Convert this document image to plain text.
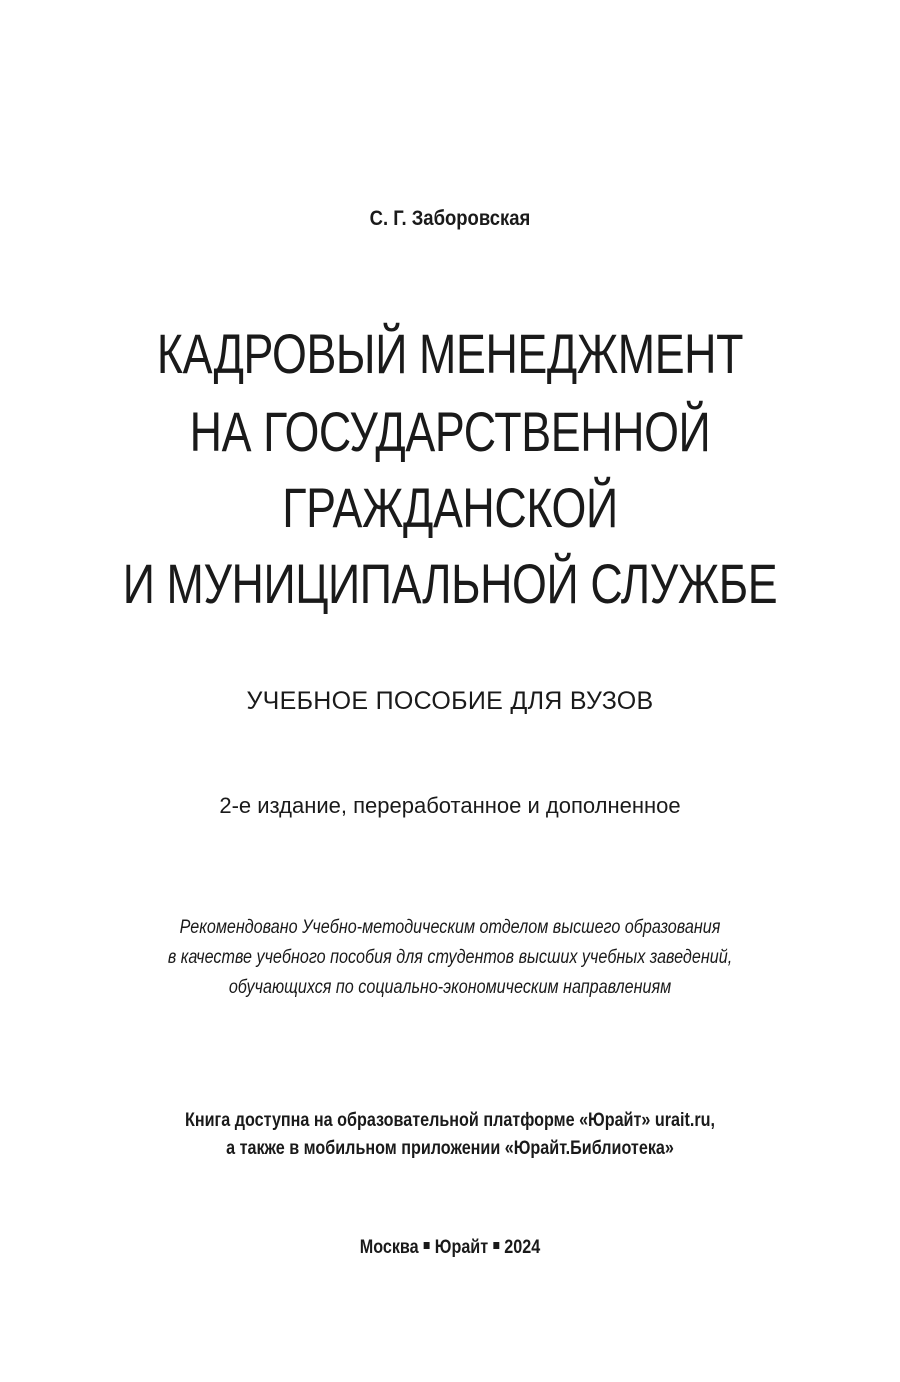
С. Г. Заборовская
КАДРОВЫЙ МЕНЕДЖМЕНТ
НА ГОСУДАРСТВЕННОЙ
ГРАЖДАНСКОЙ
И МУНИЦИПАЛЬНОЙ СЛУЖБЕ
УЧЕБНОЕ ПОСОБИЕ ДЛЯ ВУЗОВ
2-е издание, переработанное и дополненное
Рекомендовано Учебно-методическим отделом высшего образования
в качестве учебного пособия для студентов высших учебных заведений,
обучающихся по социально-экономическим направлениям
Книга доступна на образовательной платформе «Юрайт» urait.ru,
а также в мобильном приложении «Юрайт.Библиотека»
Москва Юрайт 2024
